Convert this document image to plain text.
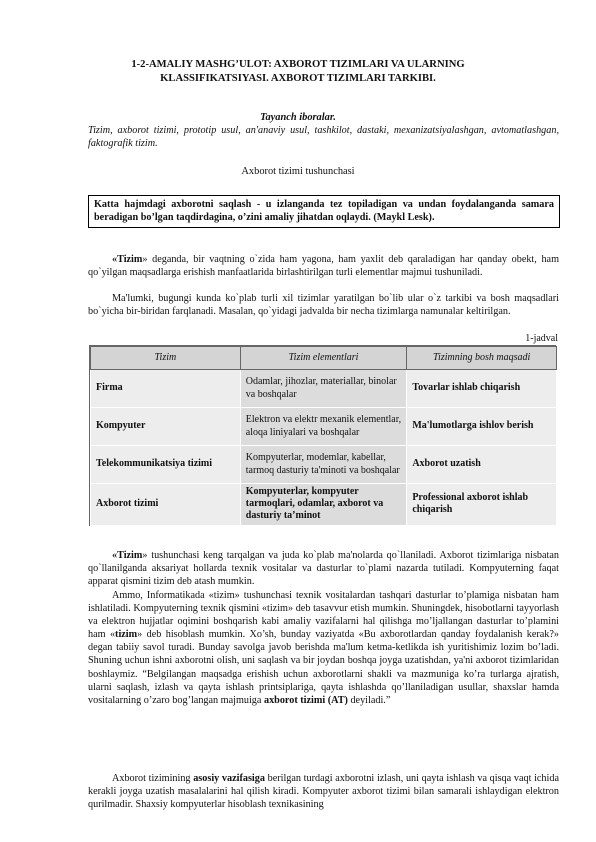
1-2-AMALIY MASHG’ULOT: AXBOROT TIZIMLARI VA ULARNING
KLASSIFIKATSIYASI. AXBOROT TIZIMLARI TARKIBI.
Tayanch iboralar.
Tizim, axborot tizimi, prototip usul, an'anaviy usul, tashkilot, dastaki, mexanizatsiyalashgan, avtomatlashgan, faktografik tizim.
Axborot tizimi tushunchasi
Katta hajmdagi axborotni saqlash - u izlanganda tez topiladigan va undan foydalanganda samara beradigan bo’lgan taqdirdagina, o’zini amaliy jihatdan oqlaydi. (Maykl Lesk).

«Tizim» deganda, bir vaqtning o`zida ham yagona, ham yaxlit deb qaraladigan har qanday obekt, ham qo`yilgan maqsadlarga erishish manfaatlarida birlashtirilgan turli elementlar majmui tushuniladi.

Ma'lumki, bugungi kunda ko`plab turli xil tizimlar yaratilgan bo`lib ular o`z tarkibi va bosh maqsadlari bo`yicha bir-biridan farqlanadi. Masalan, qo`yidagi jadvalda bir necha tizimlarga namunalar keltirilgan.

1-jadval
Tizim	Tizim elementlari	Tizimning bosh maqsadi
Firma	Odamlar, jihozlar, materiallar, binolar va boshqalar	Tovarlar ishlab chiqarish
Kompyuter	Elektron va elektr mexanik elementlar, aloqa liniyalari va boshqalar	Ma'lumotlarga ishlov berish
Telekommunikatsiya tizimi	Kompyuterlar, modemlar, kabellar, tarmoq dasturiy ta'minoti va boshqalar	Axborot uzatish
Axborot tizimi	Kompyuterlar, kompyuter tarmoqlari, odamlar, axborot va dasturiy ta’minot	Professional axborot ishlab chiqarish

«Tizim» tushunchasi keng tarqalgan va juda ko`plab ma'nolarda qo`llaniladi. Axborot tizimlariga nisbatan qo`llanilganda aksariyat hollarda texnik vositalar va dasturlar to`plami nazarda tutiladi. Kompyuterning faqat apparat qismini tizim deb atash mumkin.

Ammo, Informatikada «tizim» tushunchasi texnik vositalardan tashqari dasturlar to’plamiga nisbatan ham ishlatiladi. Kompyuterning texnik qismini «tizim» deb tasavvur etish mumkin. Shuningdek, hisobotlarni tayyorlash va elektron hujjatlar oqimini boshqarish kabi amaliy vazifalarni hal qilishga mo’ljallangan dasturlar to’plamini ham «tizim» deb hisoblash mumkin. Xo’sh, bunday vaziyatda «Bu axborotlardan qanday foydalanish kerak?» degan tabiiy savol turadi. Bunday savolga javob berishda ma'lum ketma-ketlikda ish yuritishimiz lozim bo’ladi. Shuning uchun ishni axborotni olish, uni saqlash va bir joydan boshqa joyga uzatishdan, ya'ni axborot tizimlaridan boshlaymiz. “Belgilangan maqsadga erishish uchun axborotlarni shakli va mazmuniga ko’ra turlarga ajratish, ularni saqlash, izlash va qayta ishlash printsiplariga, qayta ishlashda qo’llaniladigan usullar, shaxslar hamda vositalarning o’zaro bog’langan majmuiga axborot tizimi (AT) deyiladi.”

Axborot tizimining asosiy vazifasiga berilgan turdagi axborotni izlash, uni qayta ishlash va qisqa vaqt ichida kerakli joyga uzatish masalalarini hal qilish kiradi. Kompyuter axborot tizimi bilan samarali ishlaydigan elektron qurilmadir. Shaxsiy kompyuterlar hisoblash texnikasining
